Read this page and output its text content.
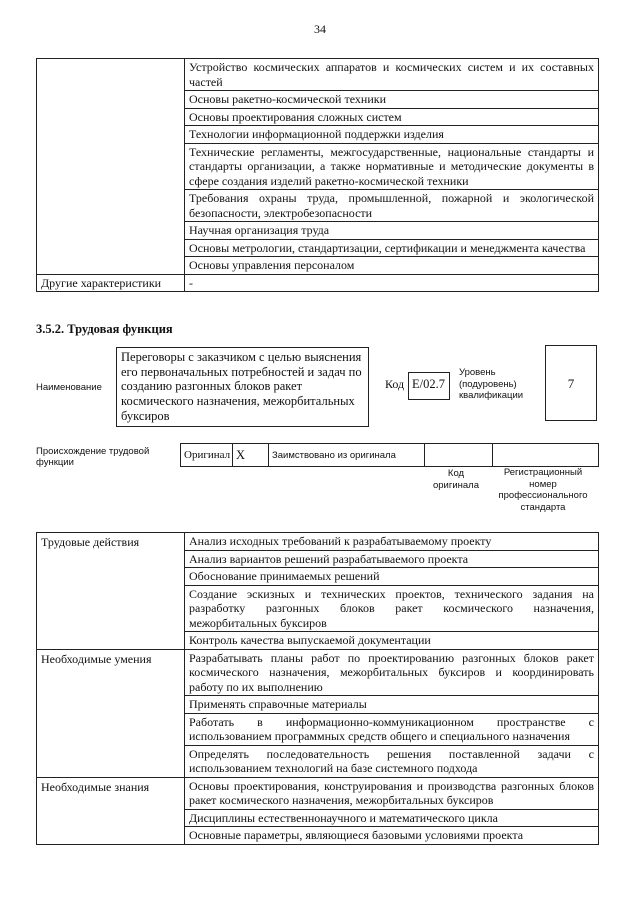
34
	Устройство космических аппаратов и космических систем и их составных частей
	Основы ракетно-космической техники
	Основы проектирования сложных систем
	Технологии информационной поддержки изделия
	Технические регламенты, межгосударственные, национальные стандарты и стандарты организации, а также нормативные и методические документы в сфере создания изделий ракетно-космической техники
	Требования охраны труда, промышленной, пожарной и экологической безопасности, электробезопасности
	Научная организация труда
	Основы метрологии, стандартизации, сертификации и менеджмента качества
	Основы управления персоналом
Другие характеристики	-
3.5.2. Трудовая функция
Наименование
Переговоры с заказчиком с целью выяснения его первоначальных потребностей и задач по созданию разгонных блоков ракет космического назначения, межорбитальных буксиров
Код E/02.7
Уровень (подуровень) квалификации
7
Происхождение трудовой функции
Оригинал	X	Заимствовано из оригинала		
Код оригинала
Регистрационный номер профессионального стандарта
Трудовые действия	Анализ исходных требований к разрабатываемому проекту
	Анализ вариантов решений разрабатываемого проекта
	Обоснование принимаемых решений
	Создание эскизных и технических проектов, технического задания на разработку разгонных блоков ракет космического назначения, межорбитальных буксиров
	Контроль качества выпускаемой документации
Необходимые умения	Разрабатывать планы работ по проектированию разгонных блоков ракет космического назначения, межорбитальных буксиров и координировать работу по их выполнению
	Применять справочные материалы
	Работать в информационно-коммуникационном пространстве с использованием программных средств общего и специального назначения
	Определять последовательность решения поставленной задачи с использованием технологий на базе системного подхода
Необходимые знания	Основы проектирования, конструирования и производства разгонных блоков ракет космического назначения, межорбитальных буксиров
	Дисциплины естественнонаучного и математического цикла
	Основные параметры, являющиеся базовыми условиями проекта
